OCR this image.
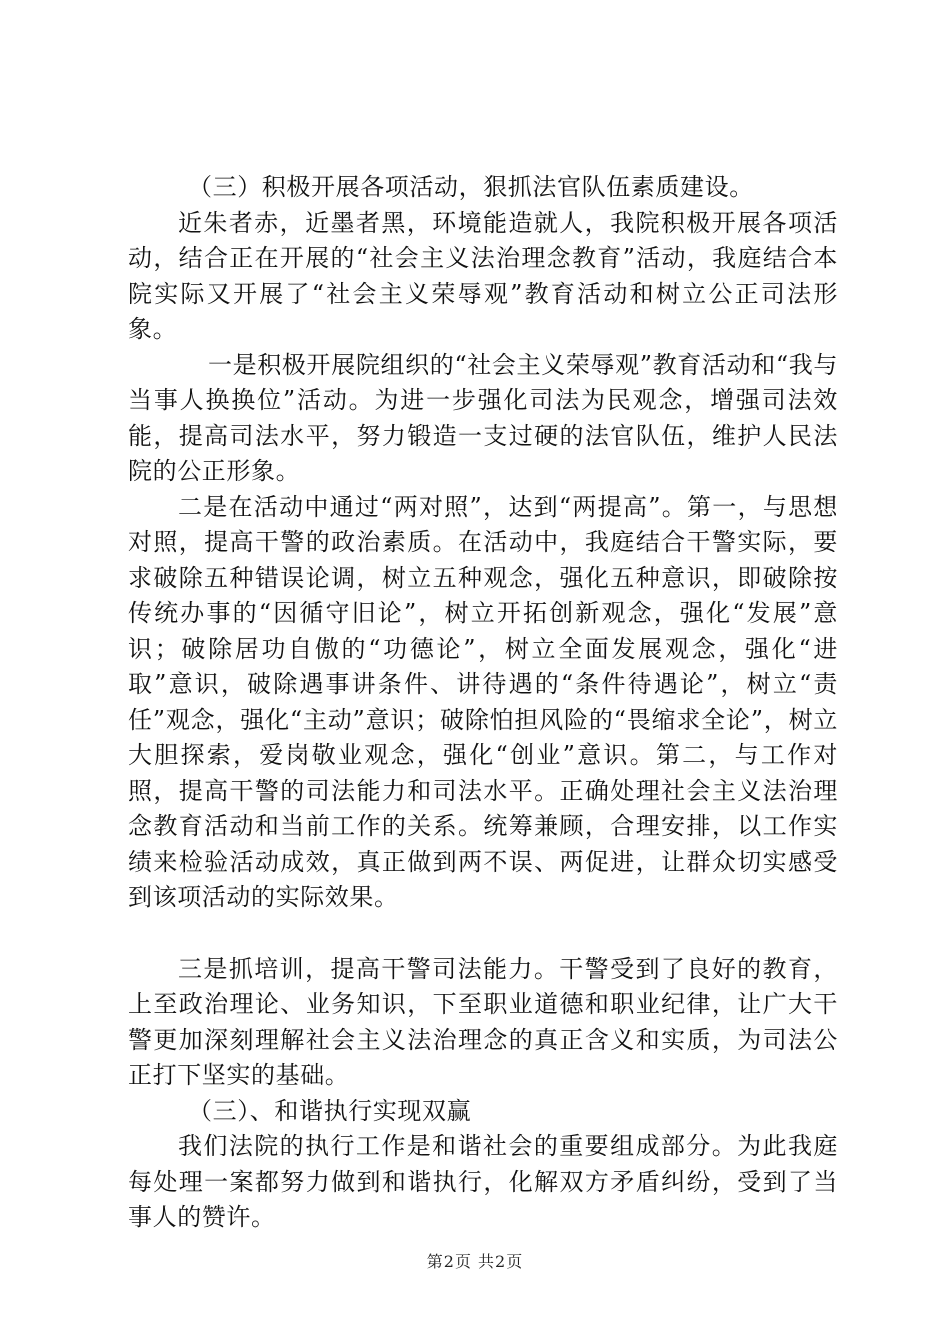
（三）积极开展各项活动，狠抓法官队伍素质建设。

近朱者赤，近墨者黑，环境能造就人，我院积极开展各项活动，结合正在开展的“社会主义法治理念教育”活动，我庭结合本院实际又开展了“社会主义荣辱观”教育活动和树立公正司法形象。

一是积极开展院组织的“社会主义荣辱观”教育活动和“我与当事人换换位”活动。为进一步强化司法为民观念，增强司法效能，提高司法水平，努力锻造一支过硬的法官队伍，维护人民法院的公正形象。

二是在活动中通过“两对照”，达到“两提高”。第一，与思想对照，提高干警的政治素质。在活动中，我庭结合干警实际，要求破除五种错误论调，树立五种观念，强化五种意识，即破除按传统办事的“因循守旧论”，树立开拓创新观念，强化“发展”意识；破除居功自傲的“功德论”，树立全面发展观念，强化“进取”意识，破除遇事讲条件、讲待遇的“条件待遇论”，树立“责任”观念，强化“主动”意识；破除怕担风险的“畏缩求全论”，树立大胆探索，爱岗敬业观念，强化“创业”意识。第二，与工作对照，提高干警的司法能力和司法水平。正确处理社会主义法治理念教育活动和当前工作的关系。统筹兼顾，合理安排，以工作实绩来检验活动成效，真正做到两不误、两促进，让群众切实感受到该项活动的实际效果。

三是抓培训，提高干警司法能力。干警受到了良好的教育，上至政治理论、业务知识，下至职业道德和职业纪律，让广大干警更加深刻理解社会主义法治理念的真正含义和实质，为司法公正打下坚实的基础。

（三）、和谐执行实现双赢

我们法院的执行工作是和谐社会的重要组成部分。为此我庭每处理一案都努力做到和谐执行，化解双方矛盾纠纷，受到了当事人的赞许。

第2页 共2页
